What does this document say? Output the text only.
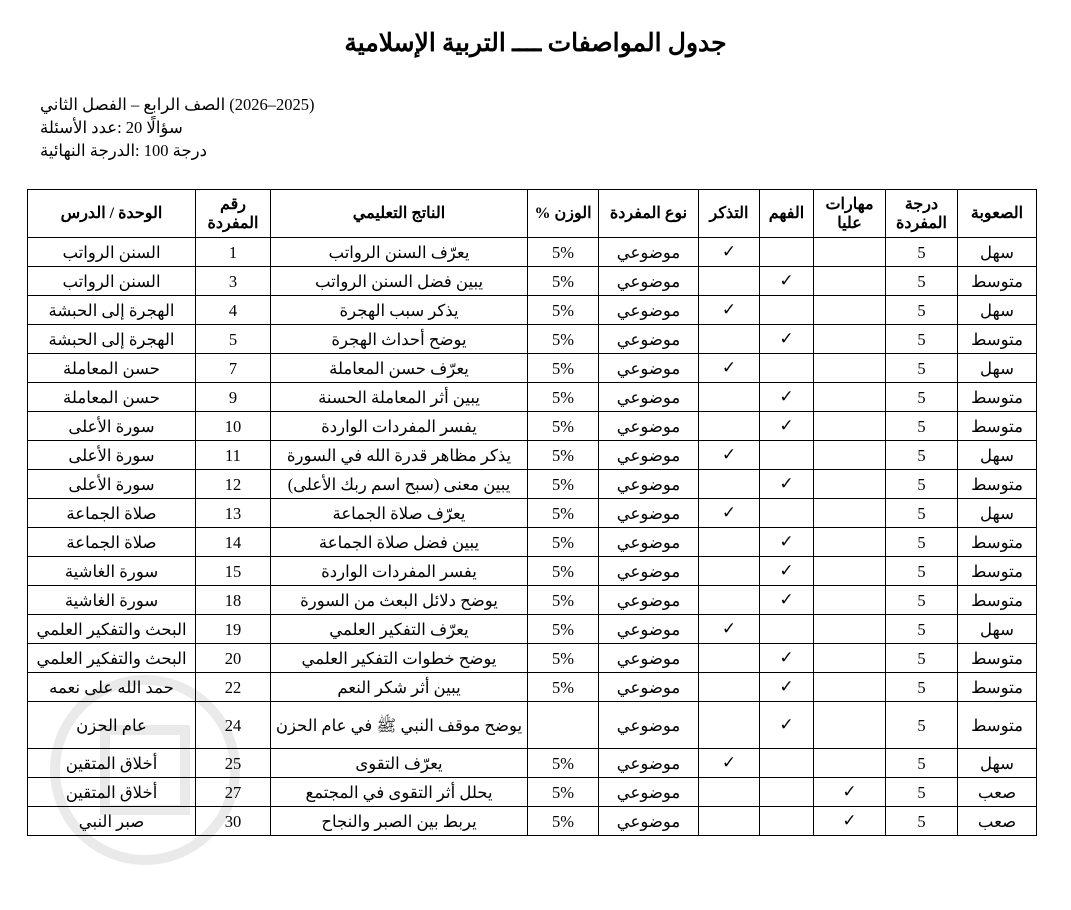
جدول المواصفات ــــ التربية الإسلامية
(2025–2026) الصف الرابع – الفصل الثاني
سؤالًا 20 :عدد الأسئلة
درجة 100 :الدرجة النهائية
الصعوبة	درجة المفردة	مهارات عليا	الفهم	التذكر	نوع المفردة	الوزن %	الناتج التعليمي	رقم المفردة	الوحدة / الدرس
سهل	5			✓	موضوعي	5%	يعرّف السنن الرواتب	1	السنن الرواتب
متوسط	5		✓		موضوعي	5%	يبين فضل السنن الرواتب	3	السنن الرواتب
سهل	5			✓	موضوعي	5%	يذكر سبب الهجرة	4	الهجرة إلى الحبشة
متوسط	5		✓		موضوعي	5%	يوضح أحداث الهجرة	5	الهجرة إلى الحبشة
سهل	5			✓	موضوعي	5%	يعرّف حسن المعاملة	7	حسن المعاملة
متوسط	5		✓		موضوعي	5%	يبين أثر المعاملة الحسنة	9	حسن المعاملة
متوسط	5		✓		موضوعي	5%	يفسر المفردات الواردة	10	سورة الأعلى
سهل	5			✓	موضوعي	5%	يذكر مظاهر قدرة الله في السورة	11	سورة الأعلى
متوسط	5		✓		موضوعي	5%	يبين معنى (سبح اسم ربك الأعلى)	12	سورة الأعلى
سهل	5			✓	موضوعي	5%	يعرّف صلاة الجماعة	13	صلاة الجماعة
متوسط	5		✓		موضوعي	5%	يبين فضل صلاة الجماعة	14	صلاة الجماعة
متوسط	5		✓		موضوعي	5%	يفسر المفردات الواردة	15	سورة الغاشية
متوسط	5		✓		موضوعي	5%	يوضح دلائل البعث من السورة	18	سورة الغاشية
سهل	5			✓	موضوعي	5%	يعرّف التفكير العلمي	19	البحث والتفكير العلمي
متوسط	5		✓		موضوعي	5%	يوضح خطوات التفكير العلمي	20	البحث والتفكير العلمي
متوسط	5		✓		موضوعي	5%	يبين أثر شكر النعم	22	حمد الله على نعمه
متوسط	5		✓		موضوعي		يوضح موقف النبي ﷺ في عام الحزن	24	عام الحزن
سهل	5			✓	موضوعي	5%	يعرّف التقوى	25	أخلاق المتقين
صعب	5	✓			موضوعي	5%	يحلل أثر التقوى في المجتمع	27	أخلاق المتقين
صعب	5	✓			موضوعي	5%	يربط بين الصبر والنجاح	30	صبر النبي
